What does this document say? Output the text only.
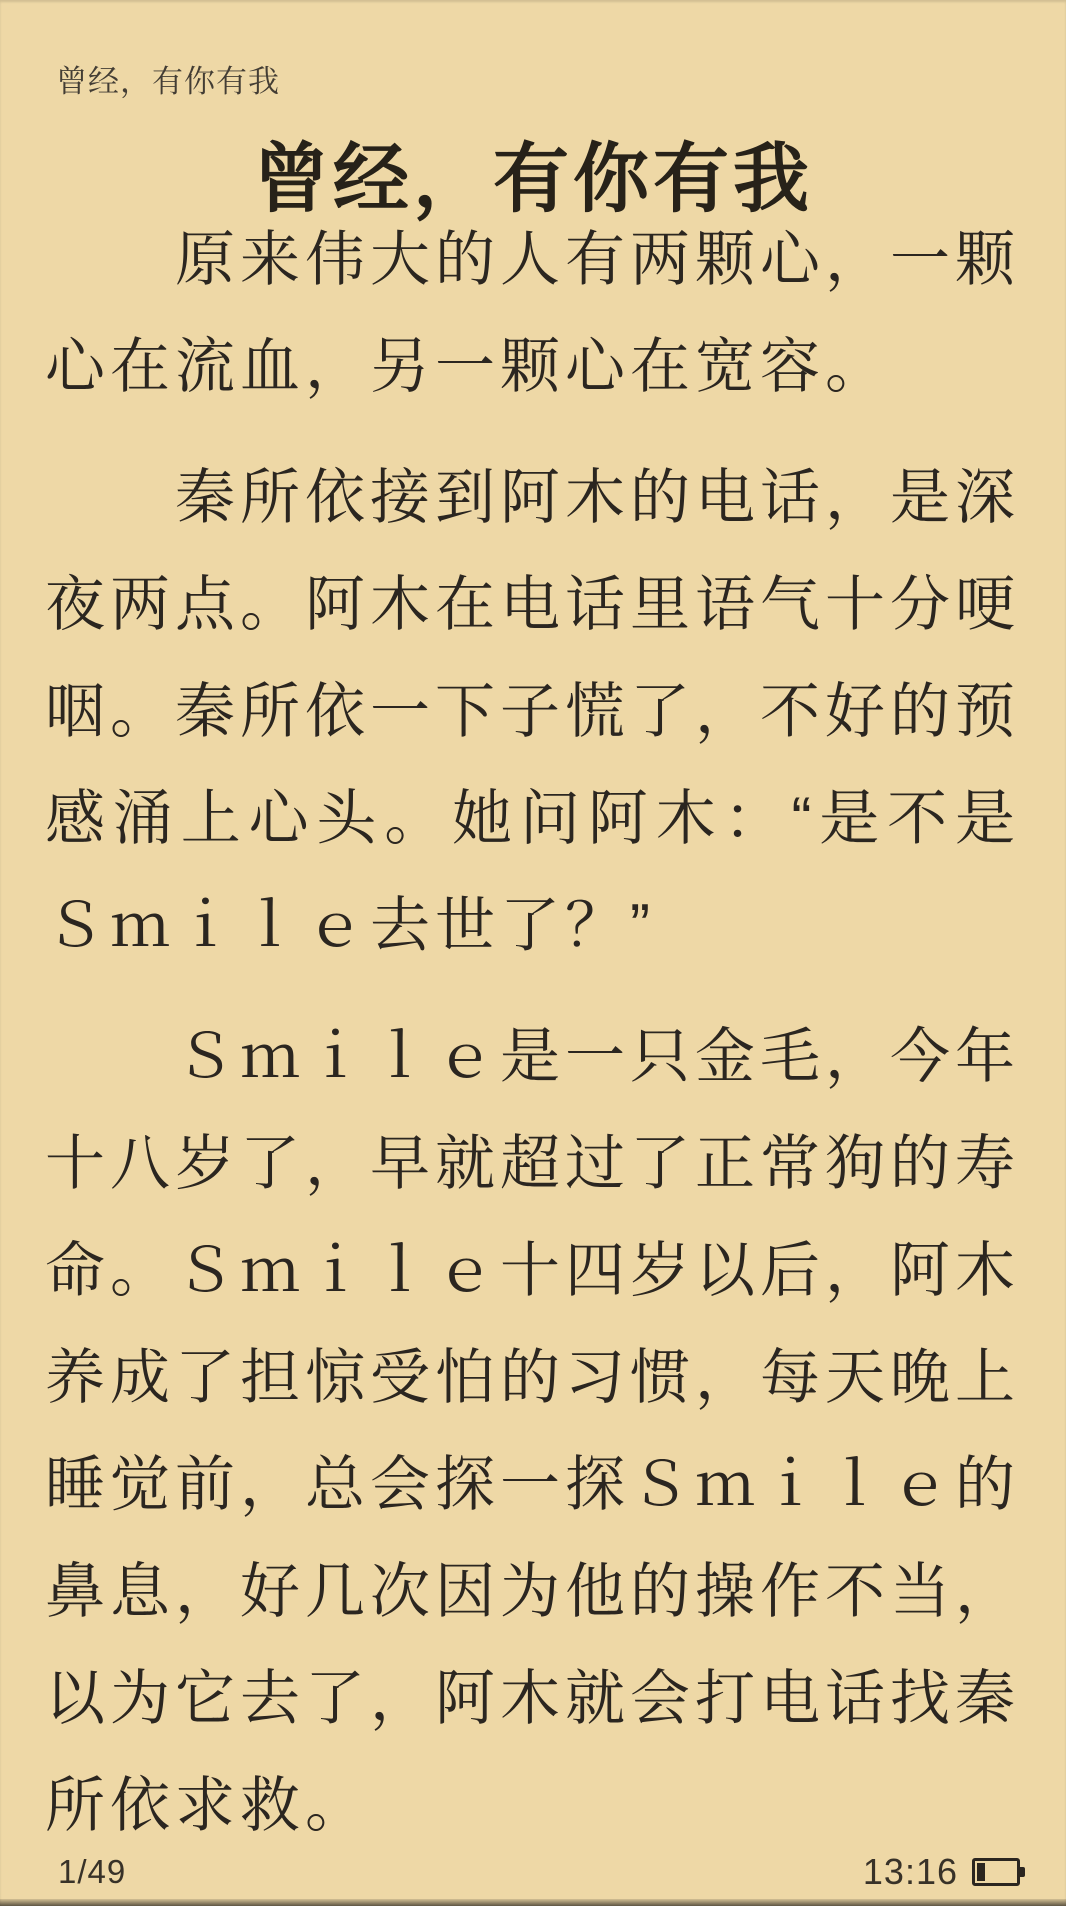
曾经，有你有我
曾经，有你有我

原来伟大的人有两颗心，一颗心在流血，另一颗心在宽容。

秦所依接到阿木的电话，是深夜两点。阿木在电话里语气十分哽咽。秦所依一下子慌了，不好的预感涌上心头。她问阿木：“是不是Ｓｍｉｌｅ去世了？”

Ｓｍｉｌｅ是一只金毛，今年十八岁了，早就超过了正常狗的寿命。Ｓｍｉｌｅ十四岁以后，阿木养成了担惊受怕的习惯，每天晚上睡觉前，总会探一探Ｓｍｉｌｅ的鼻息，好几次因为他的操作不当，以为它去了，阿木就会打电话找秦所依求救。

1/49	13:16
